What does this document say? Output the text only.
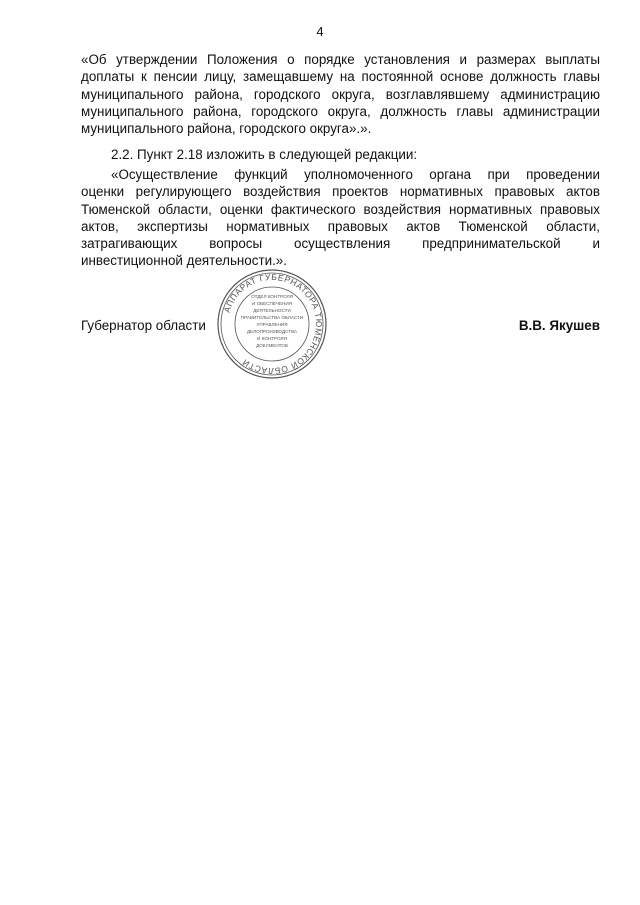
4
«Об утверждении Положения о порядке установления и размерах выплаты
доплаты к пенсии лицу, замещавшему на постоянной основе должность главы
муниципального района, городского округа, возглавлявшему администрацию
муниципального района, городского округа, должность главы администрации
муниципального района, городского округа».».
2.2. Пункт 2.18 изложить в следующей редакции:
«Осуществление функций уполномоченного органа при проведении
оценки регулирующего воздействия проектов нормативных правовых актов
Тюменской области, оценки фактического воздействия нормативных правовых
актов, экспертизы нормативных правовых актов Тюменской области,
затрагивающих вопросы осуществления предпринимательской и
инвестиционной деятельности.».
Губернатор области	В.В. Якушев
АППАРАТ ГУБЕРНАТОРА ТЮМЕНСКОЙ ОБЛАСТИ
ОТДЕЛ КОНТРОЛЯ
И ОБЕСПЕЧЕНИЯ
ДЕЯТЕЛЬНОСТИ
ПРАВИТЕЛЬСТВА ОБЛАСТИ
УПРАВЛЕНИЯ
ДЕЛОПРОИЗВОДСТВА
И КОНТРОЛЯ
ДОКУМЕНТОВ
